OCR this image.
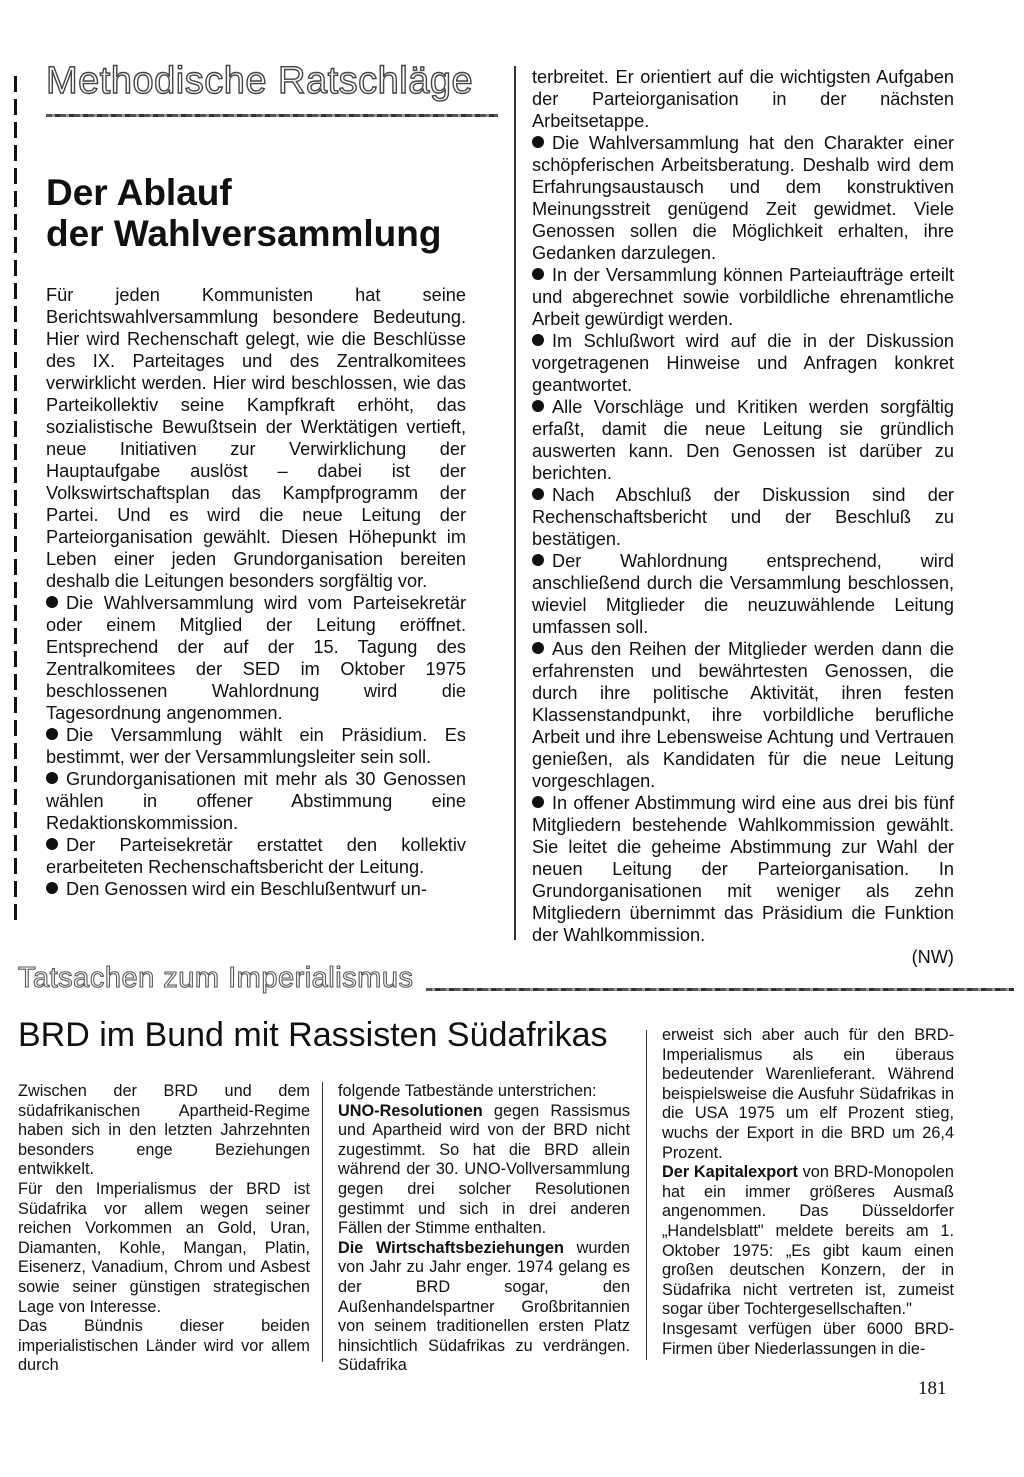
Methodische Ratschläge
Der Ablauf
der Wahlversammlung

Für jeden Kommunisten hat seine Berichtswahlversammlung besondere Bedeutung. Hier wird Rechenschaft gelegt, wie die Beschlüsse des IX. Parteitages und des Zentralkomitees verwirklicht werden. Hier wird beschlossen, wie das Parteikollektiv seine Kampfkraft erhöht, das sozialistische Bewußtsein der Werktätigen vertieft, neue Initiativen zur Verwirklichung der Hauptaufgabe auslöst – dabei ist der Volkswirtschaftsplan das Kampfprogramm der Partei. Und es wird die neue Leitung der Parteiorganisation gewählt. Diesen Höhepunkt im Leben einer jeden Grundorganisation bereiten deshalb die Leitungen besonders sorgfältig vor.

Die Wahlversammlung wird vom Parteisekretär oder einem Mitglied der Leitung eröffnet. Entsprechend der auf der 15. Tagung des Zentralkomitees der SED im Oktober 1975 beschlossenen Wahlordnung wird die Tagesordnung angenommen.

Die Versammlung wählt ein Präsidium. Es bestimmt, wer der Versammlungsleiter sein soll.

Grundorganisationen mit mehr als 30 Genossen wählen in offener Abstimmung eine Redaktionskommission.

Der Parteisekretär erstattet den kollektiv erarbeiteten Rechenschaftsbericht der Leitung.

Den Genossen wird ein Beschlußentwurf un-

terbreitet. Er orientiert auf die wichtigsten Aufgaben der Parteiorganisation in der nächsten Arbeitsetappe.

Die Wahlversammlung hat den Charakter einer schöpferischen Arbeitsberatung. Deshalb wird dem Erfahrungsaustausch und dem konstruktiven Meinungsstreit genügend Zeit gewidmet. Viele Genossen sollen die Möglichkeit erhalten, ihre Gedanken darzulegen.

In der Versammlung können Parteiaufträge erteilt und abgerechnet sowie vorbildliche ehrenamtliche Arbeit gewürdigt werden.

Im Schlußwort wird auf die in der Diskussion vorgetragenen Hinweise und Anfragen konkret geantwortet.

Alle Vorschläge und Kritiken werden sorgfältig erfaßt, damit die neue Leitung sie gründlich auswerten kann. Den Genossen ist darüber zu berichten.

Nach Abschluß der Diskussion sind der Rechenschaftsbericht und der Beschluß zu bestätigen.

Der Wahlordnung entsprechend, wird anschließend durch die Versammlung beschlossen, wieviel Mitglieder die neuzuwählende Leitung umfassen soll.

Aus den Reihen der Mitglieder werden dann die erfahrensten und bewährtesten Genossen, die durch ihre politische Aktivität, ihren festen Klassenstandpunkt, ihre vorbildliche berufliche Arbeit und ihre Lebensweise Achtung und Vertrauen genießen, als Kandidaten für die neue Leitung vorgeschlagen.

In offener Abstimmung wird eine aus drei bis fünf Mitgliedern bestehende Wahlkommission gewählt. Sie leitet die geheime Abstimmung zur Wahl der neuen Leitung der Parteiorganisation. In Grundorganisationen mit weniger als zehn Mitgliedern übernimmt das Präsidium die Funktion der Wahlkommission.

(NW)

Tatsachen zum Imperialismus
BRD im Bund mit Rassisten Südafrikas

Zwischen der BRD und dem südafrikanischen Apartheid-Regime haben sich in den letzten Jahrzehnten besonders enge Beziehungen entwikkelt.

Für den Imperialismus der BRD ist Südafrika vor allem wegen seiner reichen Vorkommen an Gold, Uran, Diamanten, Kohle, Mangan, Platin, Eisenerz, Vanadium, Chrom und Asbest sowie seiner günstigen strategischen Lage von Interesse.

Das Bündnis dieser beiden imperialistischen Länder wird vor allem durch

folgende Tatbestände unterstrichen:

UNO-Resolutionen gegen Rassismus und Apartheid wird von der BRD nicht zugestimmt. So hat die BRD allein während der 30. UNO-Vollversammlung gegen drei solcher Resolutionen gestimmt und sich in drei anderen Fällen der Stimme enthalten.

Die Wirtschaftsbeziehungen wurden von Jahr zu Jahr enger. 1974 gelang es der BRD sogar, den Außenhandelspartner Großbritannien von seinem traditionellen ersten Platz hinsichtlich Südafrikas zu verdrängen. Südafrika

erweist sich aber auch für den BRD-Imperialismus als ein überaus bedeutender Warenlieferant. Während beispielsweise die Ausfuhr Südafrikas in die USA 1975 um elf Prozent stieg, wuchs der Export in die BRD um 26,4 Prozent.

Der Kapitalexport von BRD-Monopolen hat ein immer größeres Ausmaß angenommen. Das Düsseldorfer „Handelsblatt" meldete bereits am 1. Oktober 1975: „Es gibt kaum einen großen deutschen Konzern, der in Südafrika nicht vertreten ist, zumeist sogar über Tochtergesellschaften."

Insgesamt verfügen über 6000 BRD-Firmen über Niederlassungen in die-

181
